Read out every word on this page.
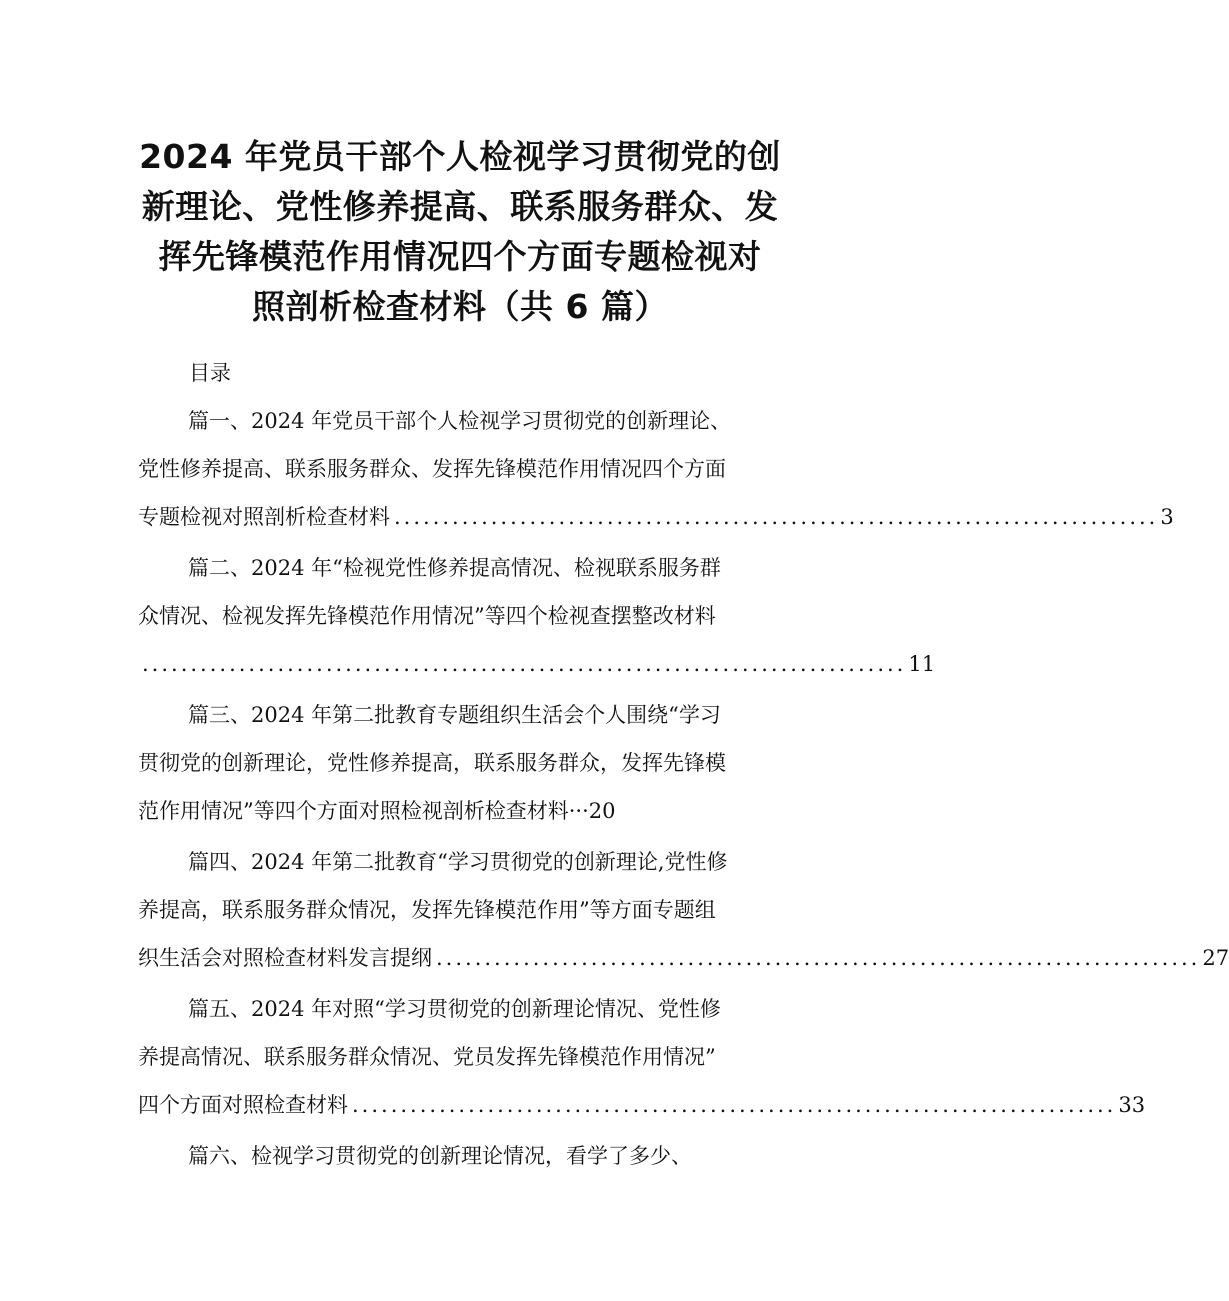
2024 年党员干部个人检视学习贯彻党的创
新理论、党性修养提高、联系服务群众、发
挥先锋模范作用情况四个方面专题检视对
照剖析检查材料（共 6 篇）
目录
篇一、2024 年党员干部个人检视学习贯彻党的创新理论、
党性修养提高、联系服务群众、发挥先锋模范作用情况四个方面
专题检视对照剖析检查材料 ............................................................................... 3
篇二、2024 年“检视党性修养提高情况、检视联系服务群
众情况、检视发挥先锋模范作用情况”等四个检视查摆整改材料
............................................................................... 11
篇三、2024 年第二批教育专题组织生活会个人围绕“学习
贯彻党的创新理论，党性修养提高，联系服务群众，发挥先锋模
范作用情况”等四个方面对照检视剖析检查材料···20
篇四、2024 年第二批教育“学习贯彻党的创新理论,党性修
养提高，联系服务群众情况，发挥先锋模范作用”等方面专题组
织生活会对照检查材料发言提纲 ............................................................................... 27
篇五、2024 年对照“学习贯彻党的创新理论情况、党性修
养提高情况、联系服务群众情况、党员发挥先锋模范作用情况”
四个方面对照检查材料 ............................................................................... 33
篇六、检视学习贯彻党的创新理论情况，看学了多少、
